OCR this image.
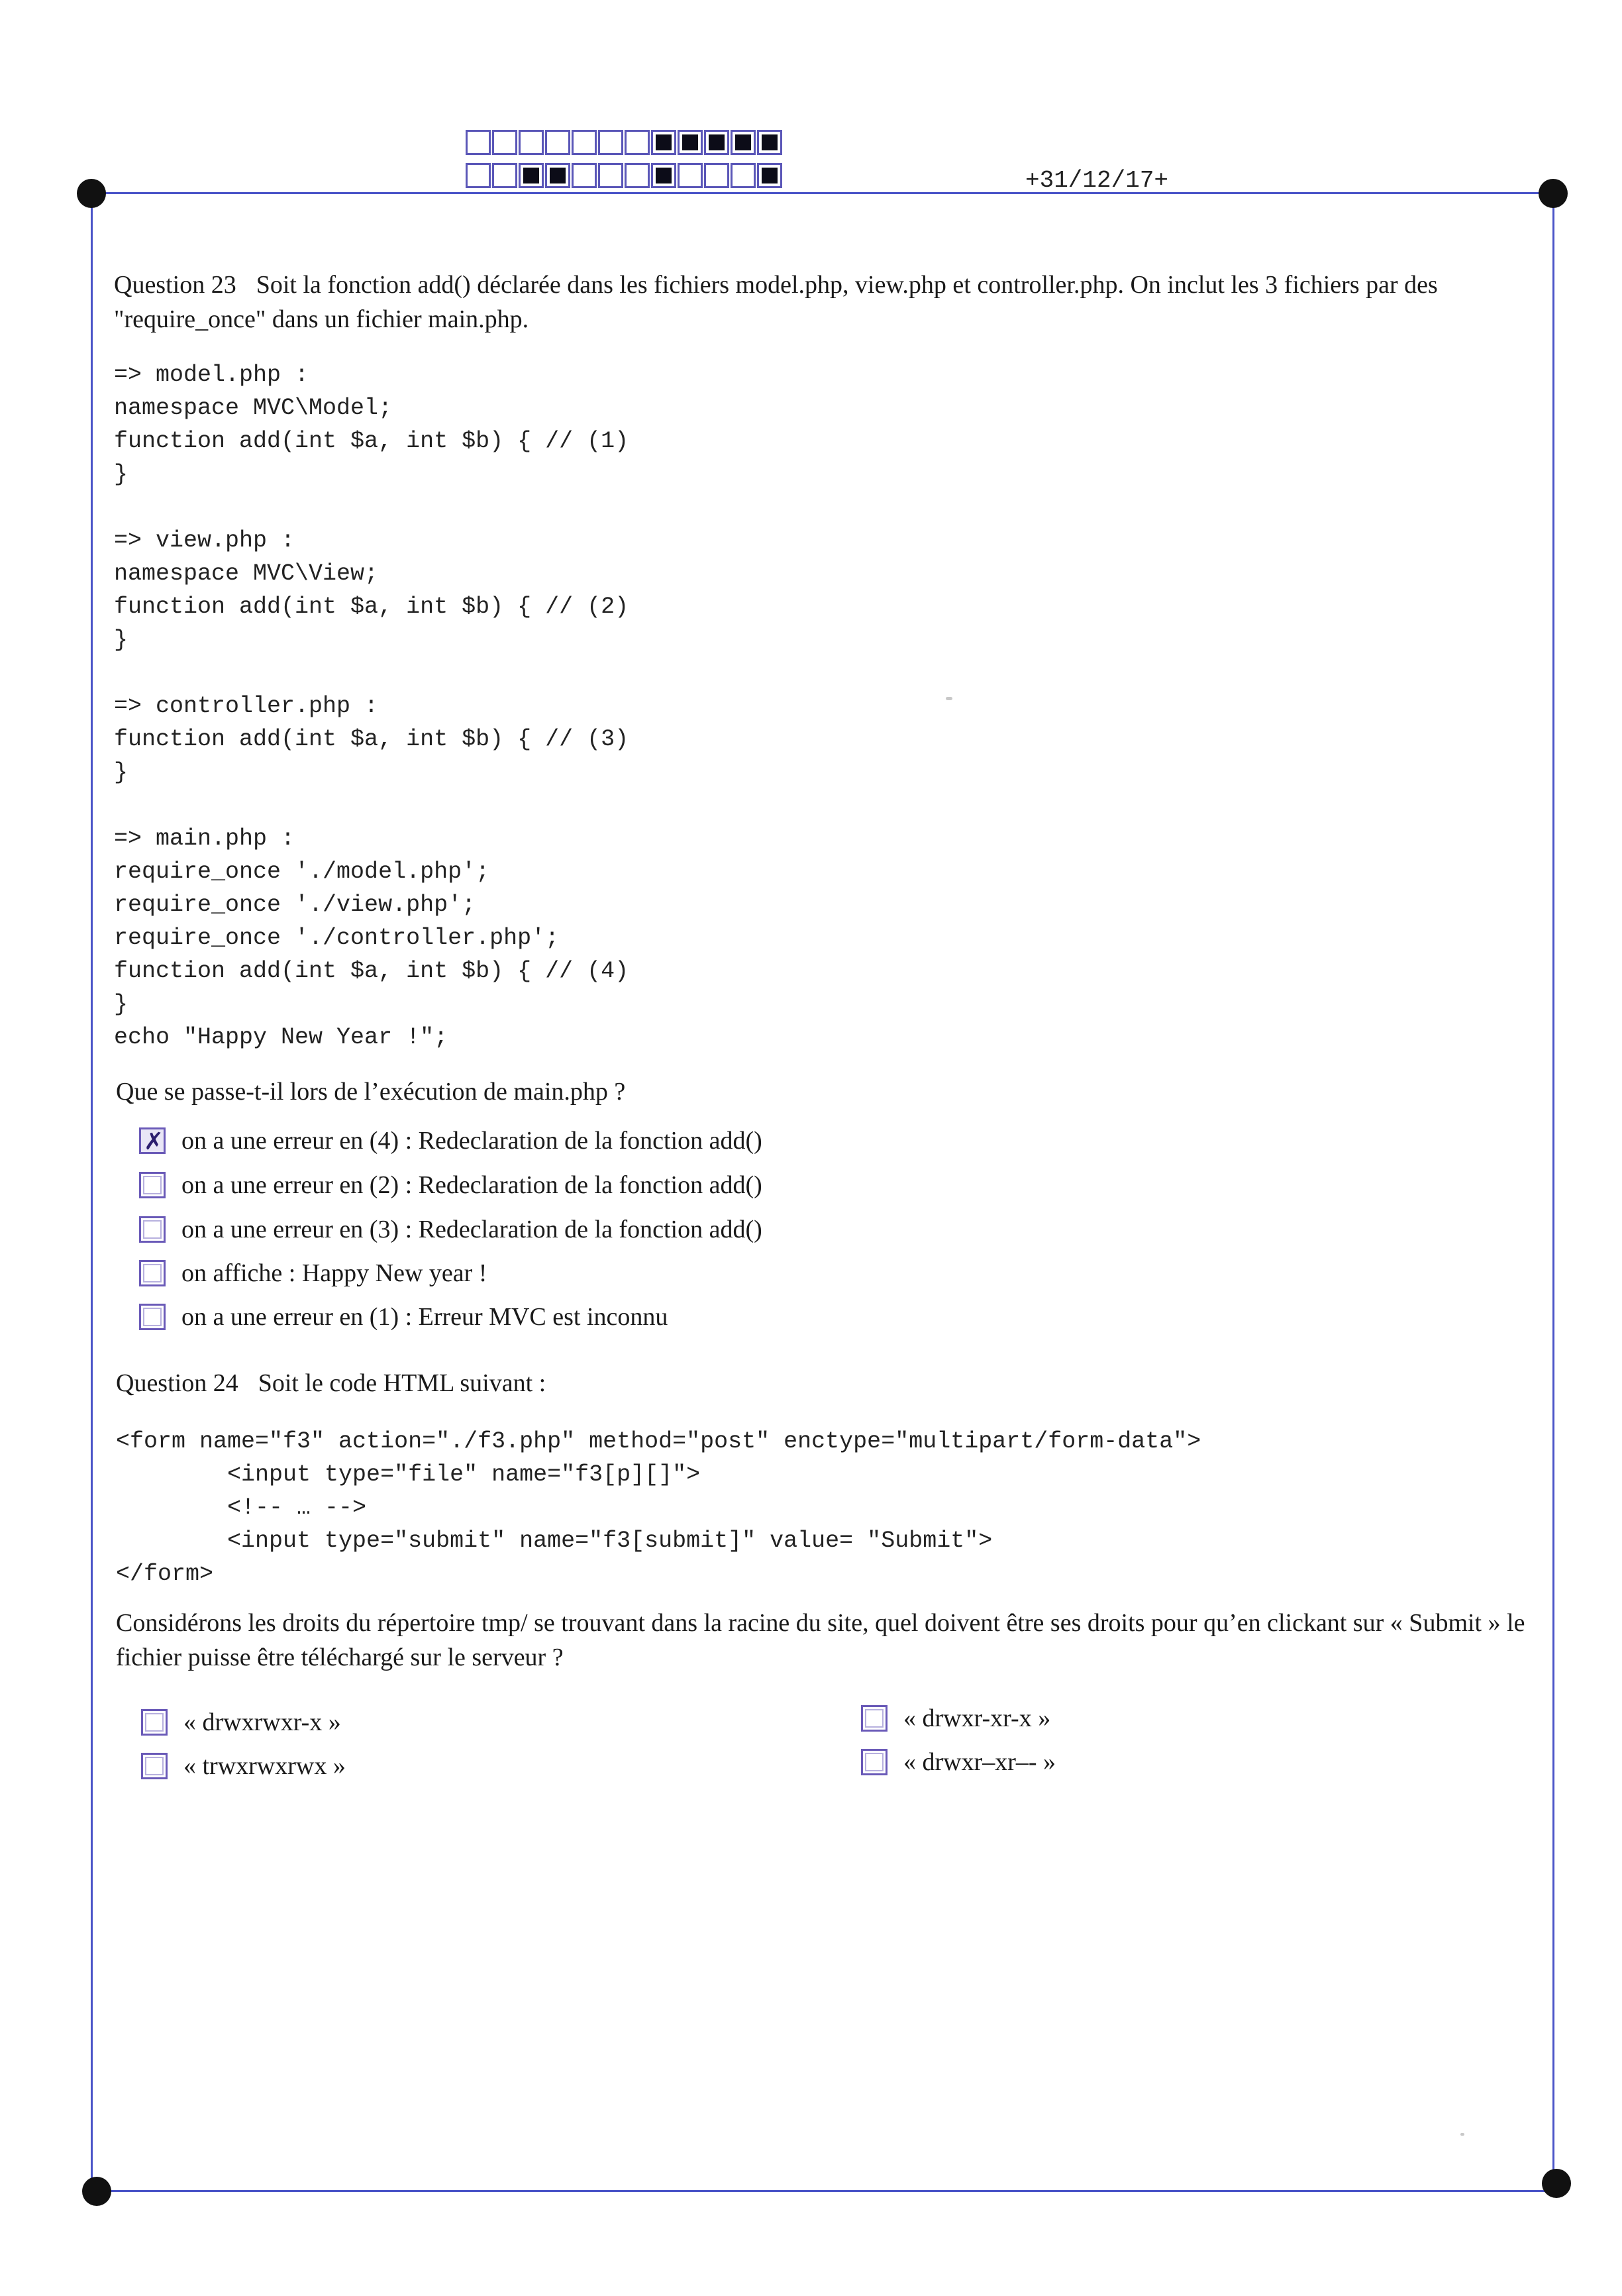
+31/12/17+
Question 23 Soit la fonction add() déclarée dans les fichiers model.php, view.php et controller.php. On inclut les 3 fichiers par des "require_once" dans un fichier main.php.
=> model.php :
namespace MVC\Model;
function add(int $a, int $b) { // (1)
}
=> view.php :
namespace MVC\View;
function add(int $a, int $b) { // (2)
}
=> controller.php :
function add(int $a, int $b) { // (3)
}
=> main.php :
require_once './model.php';
require_once './view.php';
require_once './controller.php';
function add(int $a, int $b) { // (4)
}
echo "Happy New Year !";
Que se passe-t-il lors de l’exécution de main.php ?
✗ on a une erreur en (4) : Redeclaration de la fonction add()
on a une erreur en (2) : Redeclaration de la fonction add()
on a une erreur en (3) : Redeclaration de la fonction add()
on affiche : Happy New year !
on a une erreur en (1) : Erreur MVC est inconnu
Question 24 Soit le code HTML suivant :
<form name="f3" action="./f3.php" method="post" enctype="multipart/form-data">
<input type="file" name="f3[p][]">
<!-- … -->
<input type="submit" name="f3[submit]" value= "Submit">
</form>
Considérons les droits du répertoire tmp/ se trouvant dans la racine du site, quel doivent être ses droits pour qu’en clickant sur « Submit » le fichier puisse être téléchargé sur le serveur ?
« drwxrwxr-x »
« trwxrwxrwx »
« drwxr-xr-x »
« drwxr–xr–- »
